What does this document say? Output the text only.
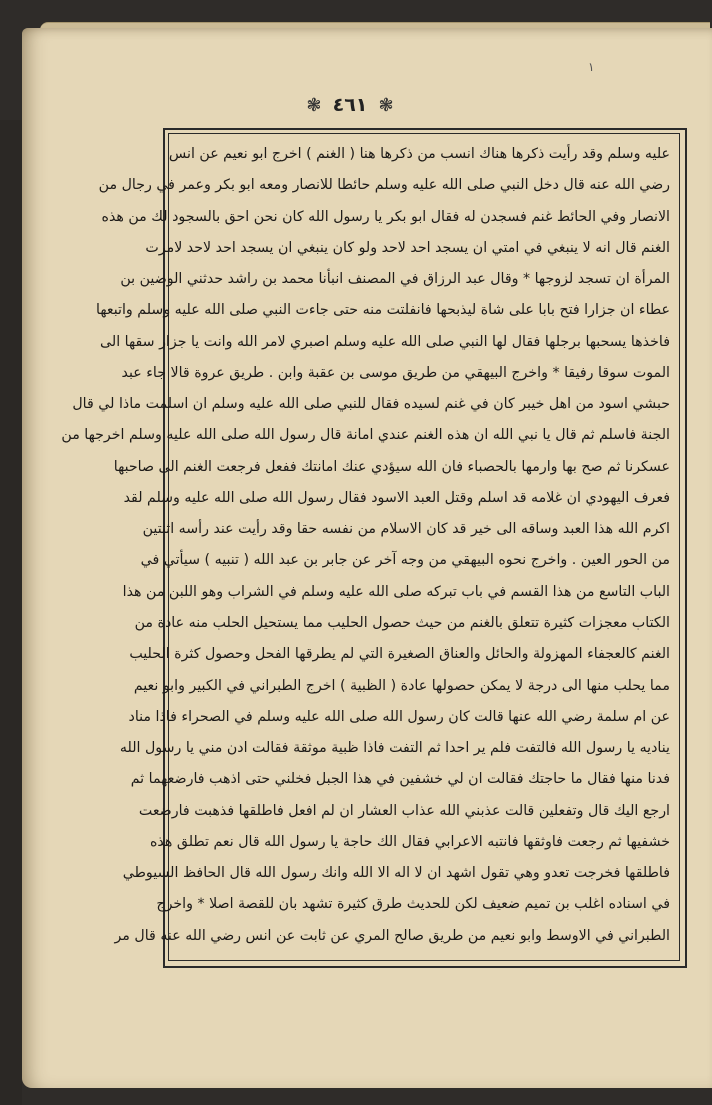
١
❃ ٤٦١ ❃
عليه وسلم وقد رأيت ذكرها هناك انسب من ذكرها هنا ( الغنم ) اخرج ابو نعيم عن انس
رضي الله عنه قال دخل النبي صلى الله عليه وسلم حائطا للانصار ومعه ابو بكر وعمر في رجال من
الانصار وفي الحائط غنم فسجدن له فقال ابو بكر يا رسول الله كان نحن احق بالسجود لك من هذه
الغنم قال انه لا ينبغي في امتي ان يسجد احد لاحد ولو كان ينبغي ان يسجد احد لاحد لامرت
المرأة ان تسجد لزوجها * وقال عبد الرزاق في المصنف انبأنا محمد بن راشد حدثني الوضين بن
عطاء ان جزارا فتح بابا على شاة ليذبحها فانفلتت منه حتى جاءت النبي صلى الله عليه وسلم واتبعها
فاخذها يسحبها برجلها فقال لها النبي صلى الله عليه وسلم اصبري لامر الله وانت يا جزار سقها الى
الموت سوقا رفيقا * واخرج البيهقي من طريق موسى بن عقبة وابن . طريق عروة قالا جاء عبد
حبشي اسود من اهل خيبر كان في غنم لسيده فقال للنبي صلى الله عليه وسلم ان اسلمت ماذا لي قال
الجنة فاسلم ثم قال يا نبي الله ان هذه الغنم عندي امانة قال رسول الله صلى الله عليه وسلم اخرجها من
عسكرنا ثم صح بها وارمها بالحصباء فان الله سيؤدي عنك امانتك ففعل فرجعت الغنم الى صاحبها
فعرف اليهودي ان غلامه قد اسلم وقتل العبد الاسود فقال رسول الله صلى الله عليه وسلم لقد
اكرم الله هذا العبد وساقه الى خير قد كان الاسلام من نفسه حقا وقد رأيت عند رأسه اثنتين
من الحور العين . واخرج نحوه البيهقي من وجه آخر عن جابر بن عبد الله ( تنبيه ) سيأتي في
الباب التاسع من هذا القسم في باب تبركه صلى الله عليه وسلم في الشراب وهو اللبن من هذا
الكتاب معجزات كثيرة تتعلق بالغنم من حيث حصول الحليب مما يستحيل الحلب منه عادة من
الغنم كالعجفاء المهزولة والحائل والعناق الصغيرة التي لم يطرقها الفحل وحصول كثرة الحليب
مما يحلب منها الى درجة لا يمكن حصولها عادة ( الظبية ) اخرج الطبراني في الكبير وابو نعيم
عن ام سلمة رضي الله عنها قالت كان رسول الله صلى الله عليه وسلم في الصحراء فاذا مناد
يناديه يا رسول الله فالتفت فلم ير احدا ثم التفت فاذا ظبية موثقة فقالت ادن مني يا رسول الله
فدنا منها فقال ما حاجتك فقالت ان لي خشفين في هذا الجبل فخلني حتى اذهب فارضعهما ثم
ارجع اليك قال وتفعلين قالت عذبني الله عذاب العشار ان لم افعل فاطلقها فذهبت فارضعت
خشفيها ثم رجعت فاوثقها فانتبه الاعرابي فقال الك حاجة يا رسول الله قال نعم تطلق هذه
فاطلقها فخرجت تعدو وهي تقول اشهد ان لا اله الا الله وانك رسول الله قال الحافظ السيوطي
في اسناده اغلب بن تميم ضعيف لكن للحديث طرق كثيرة تشهد بان للقصة اصلا * واخرج
الطبراني في الاوسط وابو نعيم من طريق صالح المري عن ثابت عن انس رضي الله عنه قال مر
